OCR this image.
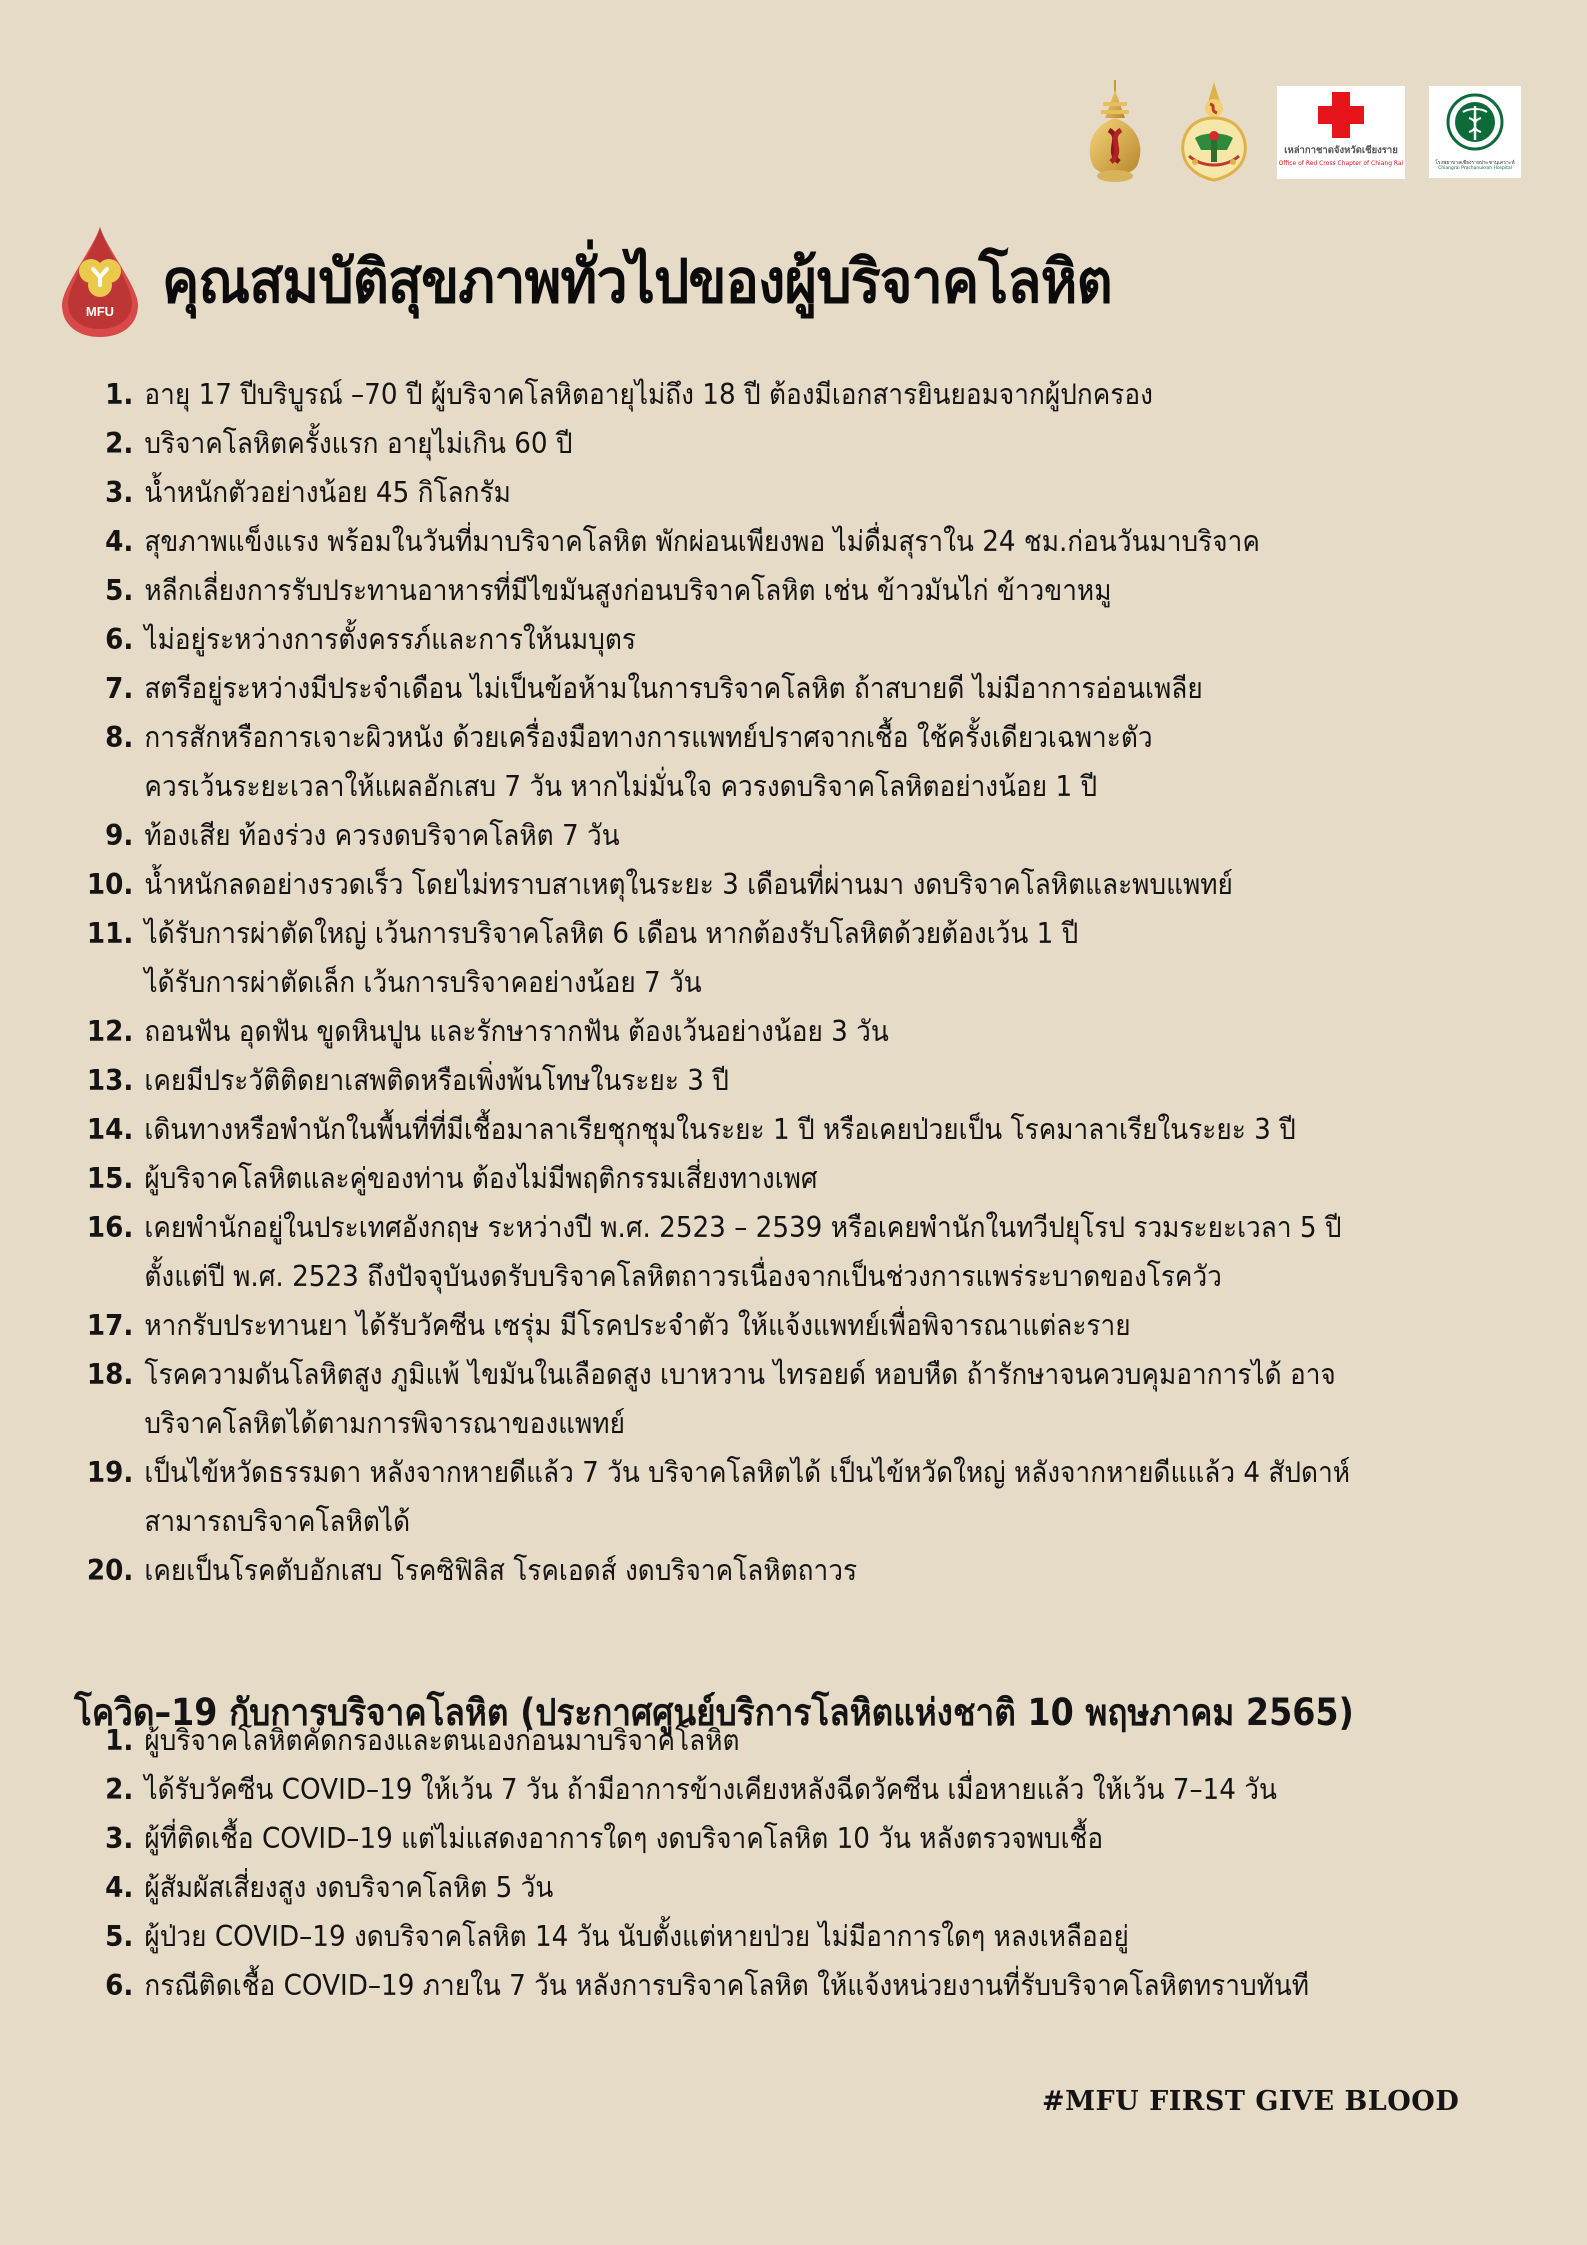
เหล่ากาชาดจังหวัดเชียงราย
Office of Red Cross Chapter of Chiang Rai	โรงพยาบาลเชียงรายประชานุเคราะห์
Chiangrai Prachanukroh Hospital
MFU คุณสมบัติสุขภาพทั่วไปของผู้บริจาคโลหิต
1. อายุ 17 ปีบริบูรณ์ –70 ปี ผู้บริจาคโลหิตอายุไม่ถึง 18 ปี ต้องมีเอกสารยินยอมจากผู้ปกครอง
2. บริจาคโลหิตครั้งแรก อายุไม่เกิน 60 ปี
3. น้ำหนักตัวอย่างน้อย 45 กิโลกรัม
4. สุขภาพแข็งแรง พร้อมในวันที่มาบริจาคโลหิต พักผ่อนเพียงพอ ไม่ดื่มสุราใน 24 ชม.ก่อนวันมาบริจาค
5. หลีกเลี่ยงการรับประทานอาหารที่มีไขมันสูงก่อนบริจาคโลหิต เช่น ข้าวมันไก่ ข้าวขาหมู
6. ไม่อยู่ระหว่างการตั้งครรภ์และการให้นมบุตร
7. สตรีอยู่ระหว่างมีประจำเดือน ไม่เป็นข้อห้ามในการบริจาคโลหิต ถ้าสบายดี ไม่มีอาการอ่อนเพลีย
8. การสักหรือการเจาะผิวหนัง ด้วยเครื่องมือทางการแพทย์ปราศจากเชื้อ ใช้ครั้งเดียวเฉพาะตัว
ควรเว้นระยะเวลาให้แผลอักเสบ 7 วัน หากไม่มั่นใจ ควรงดบริจาคโลหิตอย่างน้อย 1 ปี
9. ท้องเสีย ท้องร่วง ควรงดบริจาคโลหิต 7 วัน
10. น้ำหนักลดอย่างรวดเร็ว โดยไม่ทราบสาเหตุในระยะ 3 เดือนที่ผ่านมา งดบริจาคโลหิตและพบแพทย์
11. ได้รับการผ่าตัดใหญ่ เว้นการบริจาคโลหิต 6 เดือน หากต้องรับโลหิตด้วยต้องเว้น 1 ปี
ได้รับการผ่าตัดเล็ก เว้นการบริจาคอย่างน้อย 7 วัน
12. ถอนฟัน อุดฟัน ขูดหินปูน และรักษารากฟัน ต้องเว้นอย่างน้อย 3 วัน
13. เคยมีประวัติติดยาเสพติดหรือเพิ่งพ้นโทษในระยะ 3 ปี
14. เดินทางหรือพำนักในพื้นที่ที่มีเชื้อมาลาเรียชุกชุมในระยะ 1 ปี หรือเคยป่วยเป็น โรคมาลาเรียในระยะ 3 ปี
15. ผู้บริจาคโลหิตและคู่ของท่าน ต้องไม่มีพฤติกรรมเสี่ยงทางเพศ
16. เคยพำนักอยู่ในประเทศอังกฤษ ระหว่างปี พ.ศ. 2523 – 2539 หรือเคยพำนักในทวีปยุโรป รวมระยะเวลา 5 ปี
ตั้งแต่ปี พ.ศ. 2523 ถึงปัจจุบันงดรับบริจาคโลหิตถาวรเนื่องจากเป็นช่วงการแพร่ระบาดของโรควัว
17. หากรับประทานยา ได้รับวัคซีน เซรุ่ม มีโรคประจำตัว ให้แจ้งแพทย์เพื่อพิจารณาแต่ละราย
18. โรคความดันโลหิตสูง ภูมิแพ้ ไขมันในเลือดสูง เบาหวาน ไทรอยด์ หอบหืด ถ้ารักษาจนควบคุมอาการได้ อาจ
บริจาคโลหิตได้ตามการพิจารณาของแพทย์
19. เป็นไข้หวัดธรรมดา หลังจากหายดีแล้ว 7 วัน บริจาคโลหิตได้ เป็นไข้หวัดใหญ่ หลังจากหายดีแแล้ว 4 สัปดาห์
สามารถบริจาคโลหิตได้
20. เคยเป็นโรคตับอักเสบ โรคซิฟิลิส โรคเอดส์ งดบริจาคโลหิตถาวร
โควิด–19 กับการบริจาคโลหิต (ประกาศศูนย์บริการโลหิตแห่งชาติ 10 พฤษภาคม 2565)
1. ผู้บริจาคโลหิตคัดกรองและตนเองก่อนมาบริจาคโลหิต
2. ได้รับวัคซีน COVID–19 ให้เว้น 7 วัน ถ้ามีอาการข้างเคียงหลังฉีดวัคซีน เมื่อหายแล้ว ให้เว้น 7–14 วัน
3. ผู้ที่ติดเชื้อ COVID–19 แต่ไม่แสดงอาการใดๆ งดบริจาคโลหิต 10 วัน หลังตรวจพบเชื้อ
4. ผู้สัมผัสเสี่ยงสูง งดบริจาคโลหิต 5 วัน
5. ผู้ป่วย COVID–19 งดบริจาคโลหิต 14 วัน นับตั้งแต่หายป่วย ไม่มีอาการใดๆ หลงเหลืออยู่
6. กรณีติดเชื้อ COVID–19 ภายใน 7 วัน หลังการบริจาคโลหิต ให้แจ้งหน่วยงานที่รับบริจาคโลหิตทราบทันที
#MFU FIRST GIVE BLOOD
